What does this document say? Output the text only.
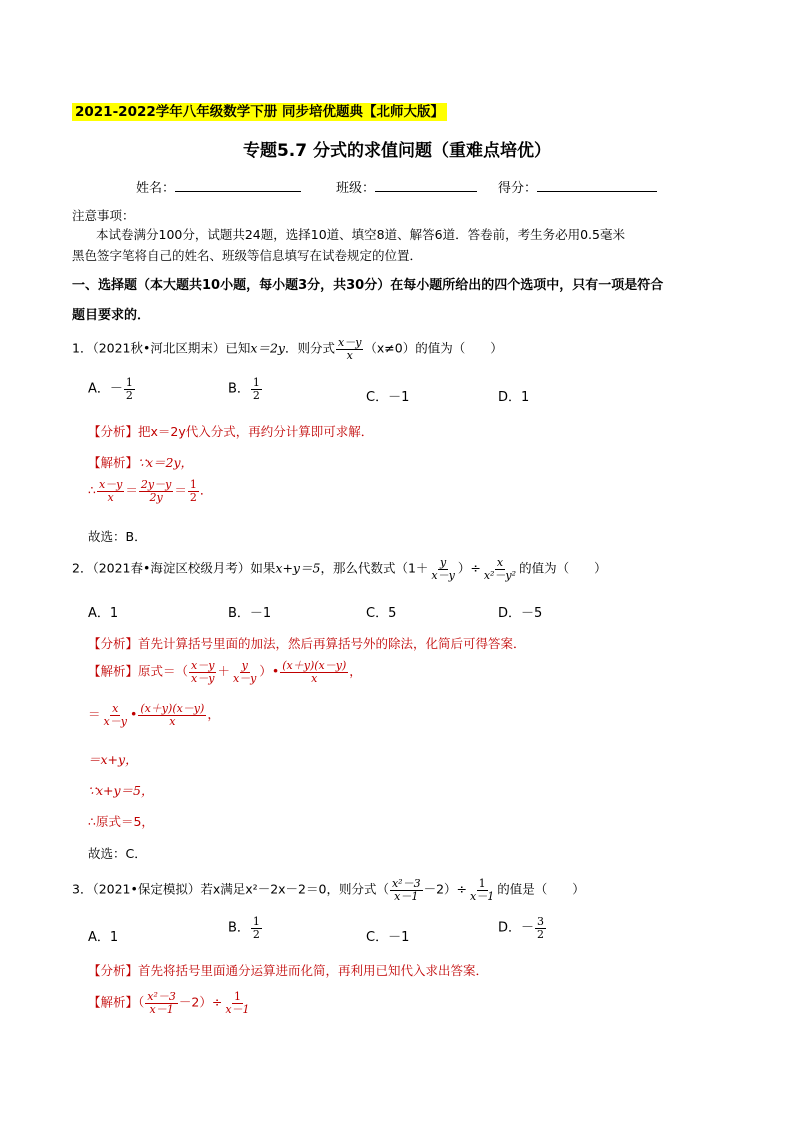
2021-2022学年八年级数学下册 同步培优题典【北师大版】
专题5.7 分式的求值问题（重难点培优）
姓名：	班级：	得分：
注意事项：
本试卷满分100分，试题共24题，选择10道、填空8道、解答6道．答卷前，考生务必用0.5毫米
黑色签字笔将自己的姓名、班级等信息填写在试卷规定的位置．
一、选择题（本大题共10小题，每小题3分，共30分）在每小题所给出的四个选项中，只有一项是符合
题目要求的．
1．（2021秋•河北区期末）已知x＝2y．则分式 $\frac{x-y}{x} (x\ne 0)$的值为（　　）
A．－ $\frac{1}{2}$	B． $\frac{1}{2}$	C．－1	D．1
【分析】把x＝2y代入分式，再约分计算即可求解．
【解析】∵x＝2y，
∴ $\frac{x-y}{x} = \frac{2y-y}{2y} = \frac{1}{2}$ ．
故选：B．
2．（2021春•海淀区校级月考）如果x+y＝5，那么代数式（$1+ \frac{y}{x-y}$ ）÷ $\frac{x}{\text{x²－y²}}$ 的值为（　　）
A．1	B．－1	C．5	D．－5
【分析】首先计算括号里面的加法，然后再算括号外的除法，化简后可得答案．
【解析】原式＝（ $\frac{x-y}{x-y} + \frac{y}{x-y}$ ）• $\frac{(x+y)(x-y)}{x}$ ，
＝ $\frac{x}{x-y}$ • $\frac{(x+y)(x-y)}{x}$ ，
＝x+y，
∵x+y＝5，
∴原式＝5，
故选：C．
3．（2021•保定模拟）若x满足x²－2x－2＝0，则分式（ $\frac{\text{x²－3}}{x-1} -2)\div \frac{1}{x-1}$ 的值是（　　）
A．1
B． $\frac{1}{2}$	C．－1
D．－ $\frac{3}{2}$
【分析】首先将括号里面通分运算进而化简，再利用已知代入求出答案．
【解析】（ $\frac{\text{x²－3}}{x-1} -2)\div \frac{1}{x-1}$
